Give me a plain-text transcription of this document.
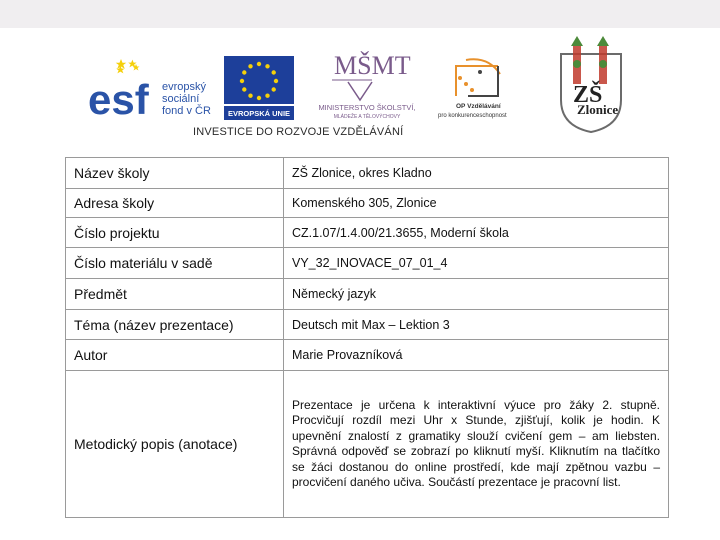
esf evropský
sociální
fond v ČR EVROPSKÁ UNIE
MŠMT
MINISTERSTVO ŠKOLSTVÍ,
MLÁDEŽE A TĚLOVÝCHOVY
OP Vzdělávání
pro konkurenceschopnost
ZŠ
Zlonice
INVESTICE DO ROZVOJE VZDĚLÁVÁNÍ
Název školy	ZŠ Zlonice, okres Kladno
Adresa školy	Komenského 305, Zlonice
Číslo projektu	CZ.1.07/1.4.00/21.3655, Moderní škola
Číslo materiálu v sadě	VY_32_INOVACE_07_01_4
Předmět	Německý jazyk
Téma (název prezentace)	Deutsch mit Max – Lektion 3
Autor	Marie Provazníková
Metodický popis (anotace)	Prezentace je určena k interaktivní výuce pro žáky 2. stupně. Procvičují rozdíl mezi Uhr x Stunde, zjišťují, kolik je hodin. K upevnění znalostí z gramatiky slouží cvičení gem – am liebsten. Správná odpověď se zobrazí po kliknutí myší. Kliknutím na tlačítko se žáci dostanou do online prostředí, kde mají zpětnou vazbu – procvičení daného učiva. Součástí prezentace je pracovní list.
